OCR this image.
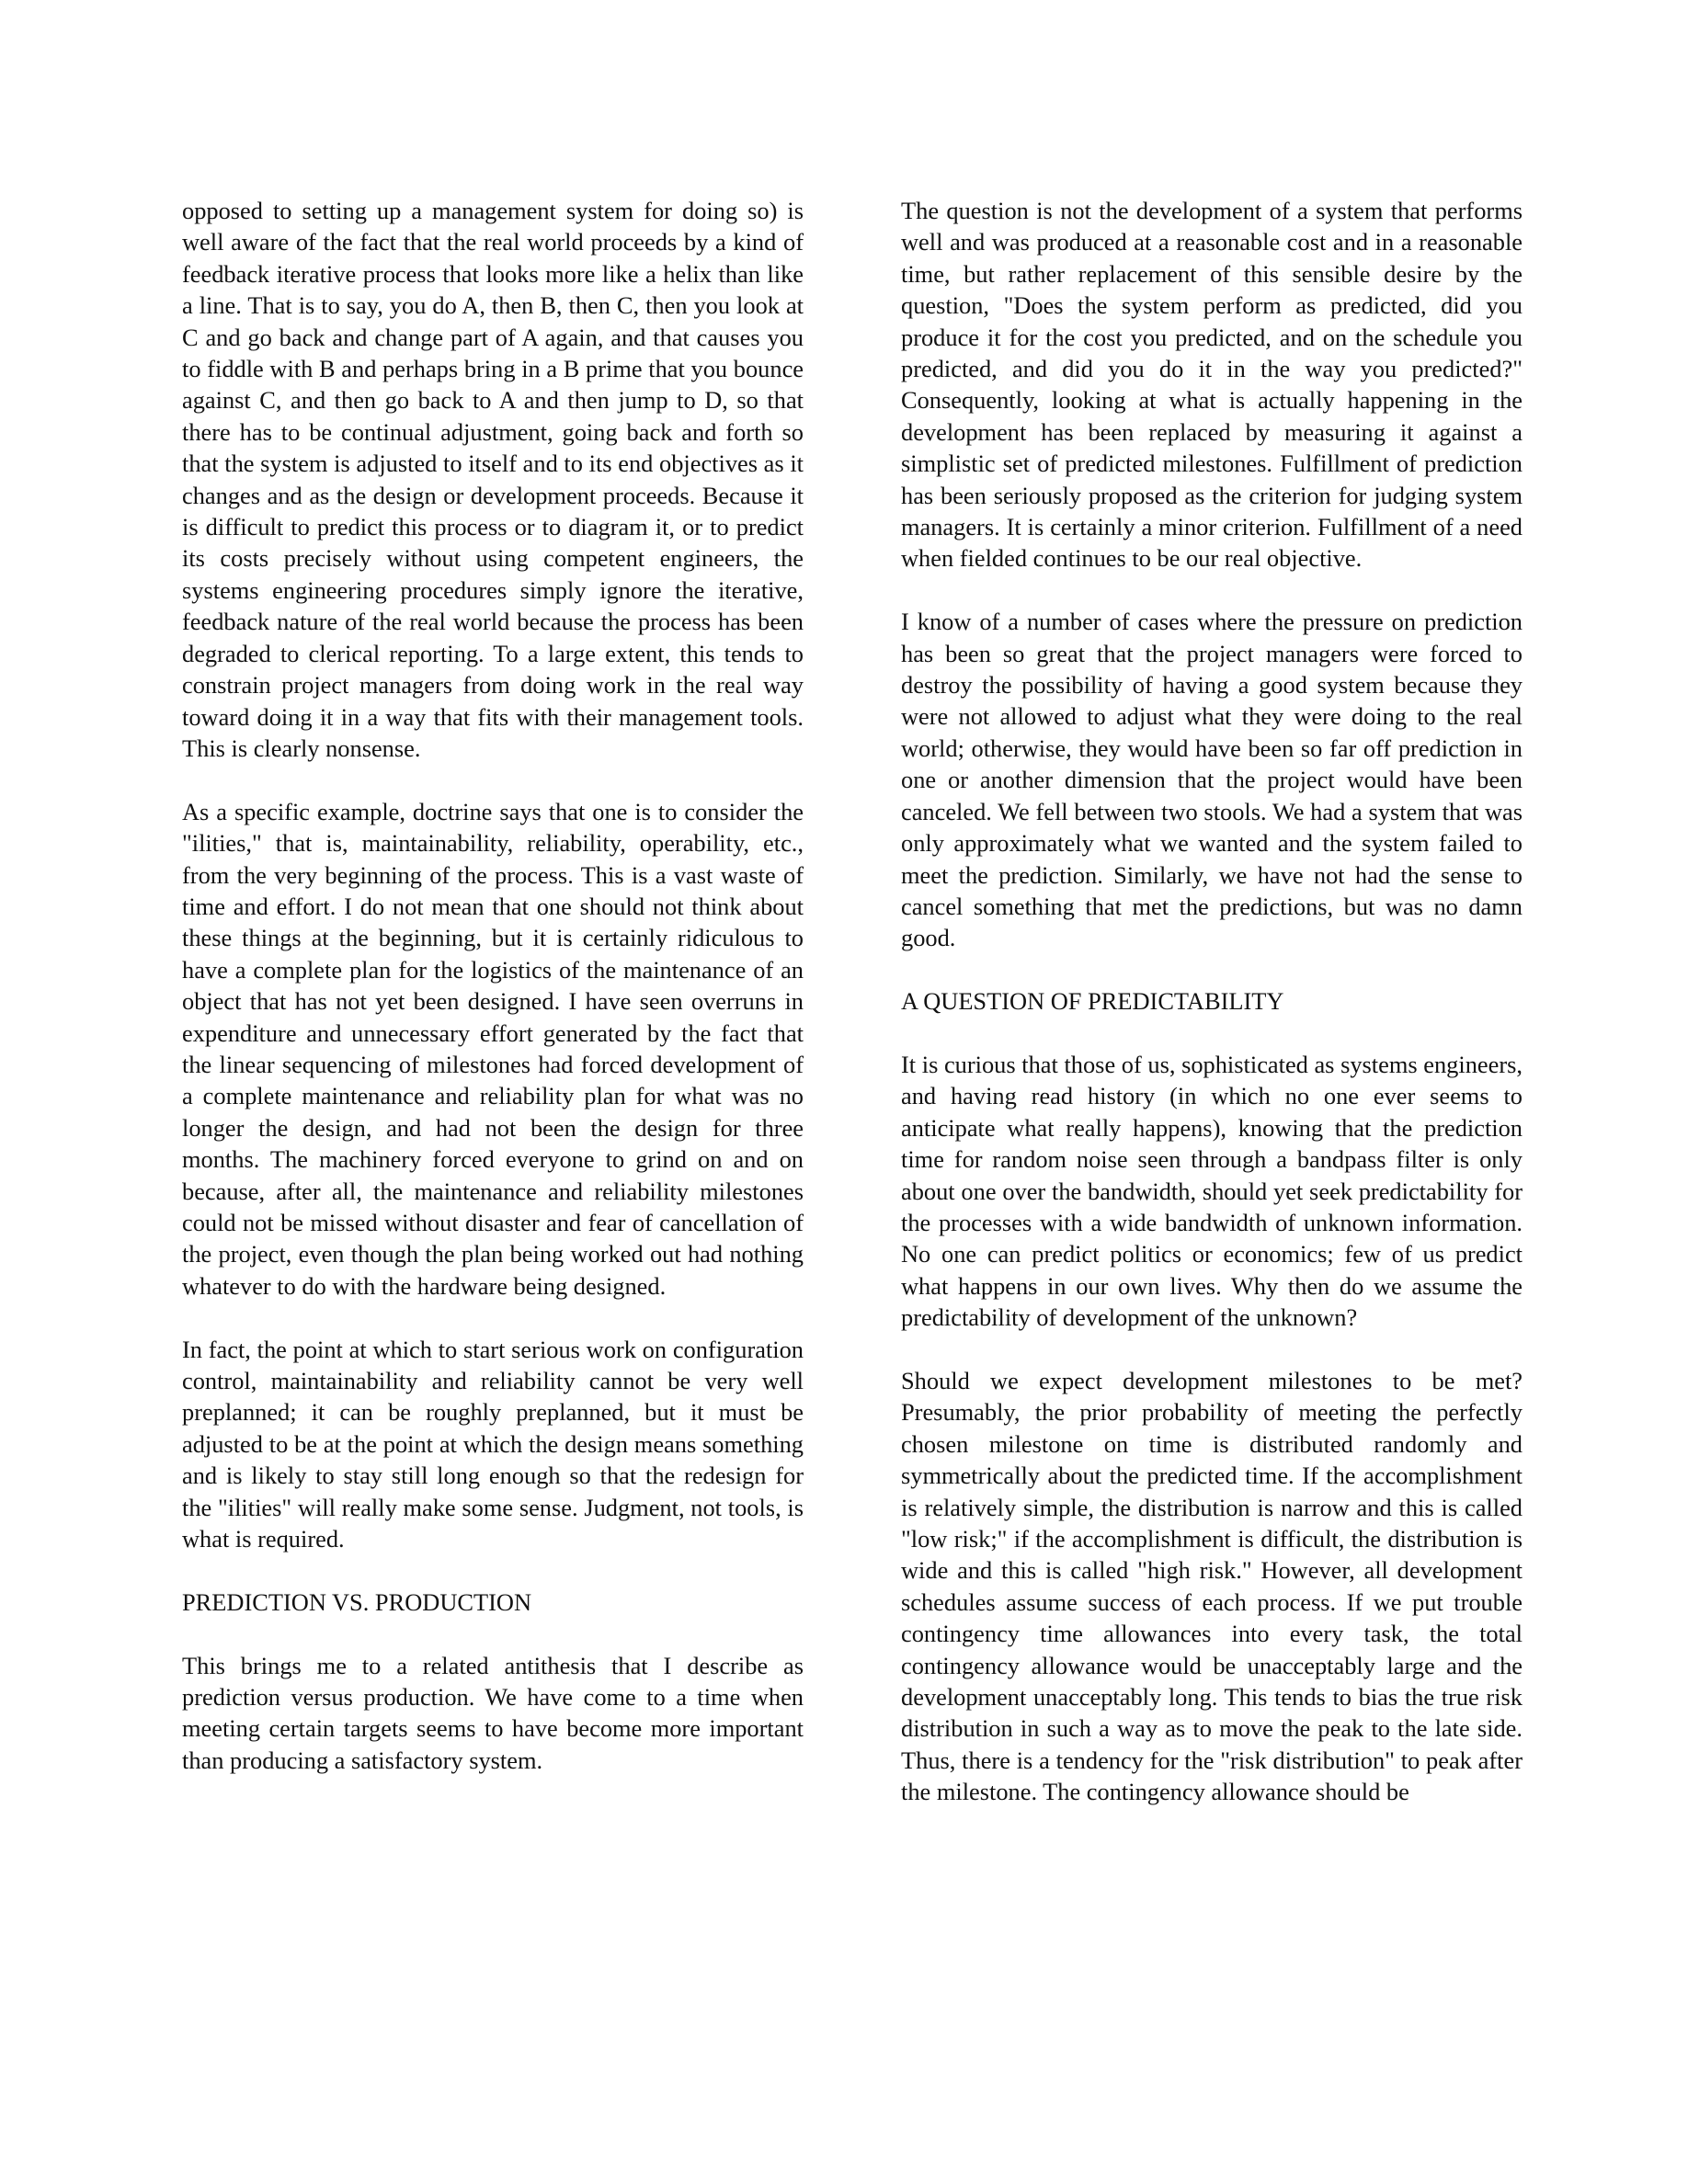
opposed to setting up a management system for doing so) is well aware of the fact that the real world proceeds by a kind of feedback iterative process that looks more like a helix than like a line. That is to say, you do A, then B, then C, then you look at C and go back and change part of A again, and that causes you to fiddle with B and perhaps bring in a B prime that you bounce against C, and then go back to A and then jump to D, so that there has to be continual adjustment, going back and forth so that the system is adjusted to itself and to its end objectives as it changes and as the design or development proceeds. Because it is difficult to predict this process or to diagram it, or to predict its costs precisely without using competent engineers, the systems engineering procedures simply ignore the iterative, feedback nature of the real world because the process has been degraded to clerical reporting. To a large extent, this tends to constrain project managers from doing work in the real way toward doing it in a way that fits with their management tools. This is clearly nonsense.

As a specific example, doctrine says that one is to consider the "ilities," that is, maintainability, reliability, operability, etc., from the very beginning of the process. This is a vast waste of time and effort. I do not mean that one should not think about these things at the beginning, but it is certainly ridiculous to have a complete plan for the logistics of the maintenance of an object that has not yet been designed. I have seen overruns in expenditure and unnecessary effort generated by the fact that the linear sequencing of milestones had forced development of a complete maintenance and reliability plan for what was no longer the design, and had not been the design for three months. The machinery forced everyone to grind on and on because, after all, the maintenance and reliability milestones could not be missed without disaster and fear of cancellation of the project, even though the plan being worked out had nothing whatever to do with the hardware being designed.

In fact, the point at which to start serious work on configuration control, maintainability and reliability cannot be very well preplanned; it can be roughly preplanned, but it must be adjusted to be at the point at which the design means something and is likely to stay still long enough so that the redesign for the "ilities" will really make some sense. Judgment, not tools, is what is required.

PREDICTION VS. PRODUCTION

This brings me to a related antithesis that I describe as prediction versus production. We have come to a time when meeting certain targets seems to have become more important than producing a satisfactory system.

The question is not the development of a system that performs well and was produced at a reasonable cost and in a reasonable time, but rather replacement of this sensible desire by the question, "Does the system perform as predicted, did you produce it for the cost you predicted, and on the schedule you predicted, and did you do it in the way you predicted?" Consequently, looking at what is actually happening in the development has been replaced by measuring it against a simplistic set of predicted milestones. Fulfillment of prediction has been seriously proposed as the criterion for judging system managers. It is certainly a minor criterion. Fulfillment of a need when fielded continues to be our real objective.

I know of a number of cases where the pressure on prediction has been so great that the project managers were forced to destroy the possibility of having a good system because they were not allowed to adjust what they were doing to the real world; otherwise, they would have been so far off prediction in one or another dimension that the project would have been canceled. We fell between two stools. We had a system that was only approximately what we wanted and the system failed to meet the prediction. Similarly, we have not had the sense to cancel something that met the predictions, but was no damn good.

A QUESTION OF PREDICTABILITY

It is curious that those of us, sophisticated as systems engineers, and having read history (in which no one ever seems to anticipate what really happens), knowing that the prediction time for random noise seen through a bandpass filter is only about one over the bandwidth, should yet seek predictability for the processes with a wide bandwidth of unknown information. No one can predict politics or economics; few of us predict what happens in our own lives. Why then do we assume the predictability of development of the unknown?

Should we expect development milestones to be met? Presumably, the prior probability of meeting the perfectly chosen milestone on time is distributed randomly and symmetrically about the predicted time. If the accomplishment is relatively simple, the distribution is narrow and this is called "low risk;" if the accomplishment is difficult, the distribution is wide and this is called "high risk." However, all development schedules assume success of each process. If we put trouble contingency time allowances into every task, the total contingency allowance would be unacceptably large and the development unacceptably long. This tends to bias the true risk distribution in such a way as to move the peak to the late side. Thus, there is a tendency for the "risk distribution" to peak after the milestone. The contingency allowance should be
